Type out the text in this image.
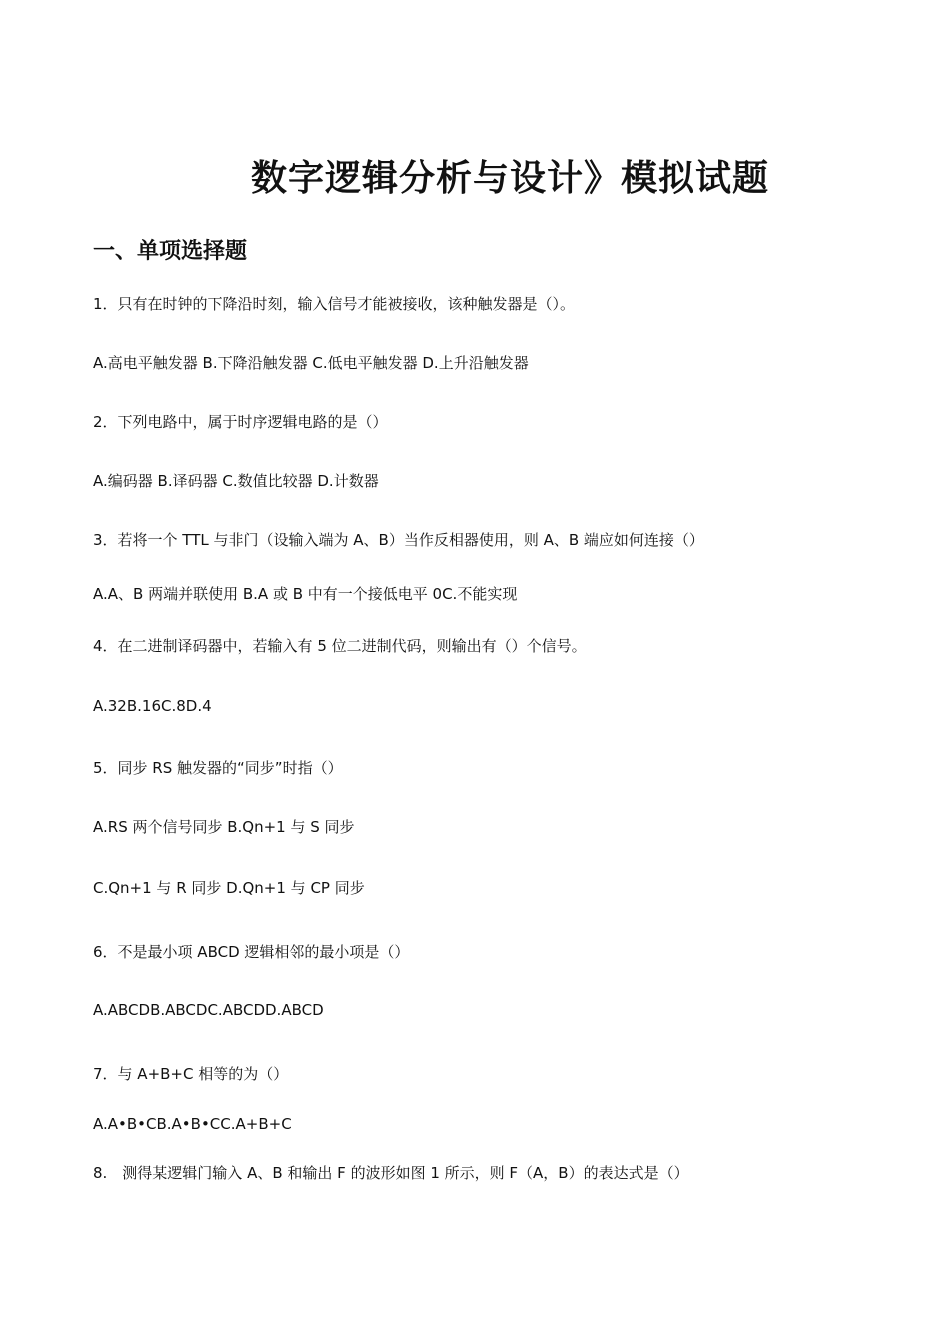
数字逻辑分析与设计》模拟试题
一、单项选择题
1．只有在时钟的下降沿时刻，输入信号才能被接收，该种触发器是（）。
A.高电平触发器 B.下降沿触发器 C.低电平触发器 D.上升沿触发器
2．下列电路中，属于时序逻辑电路的是（）
A.编码器 B.译码器 C.数值比较器 D.计数器
3．若将一个 TTL 与非门（设输入端为 A、B）当作反相器使用，则 A、B 端应如何连接（）
A.A、B 两端并联使用 B.A 或 B 中有一个接低电平 0C.不能实现
4．在二进制译码器中，若输入有 5 位二进制代码，则输出有（）个信号。
A.32B.16C.8D.4
5．同步 RS 触发器的“同步”时指（）
A.RS 两个信号同步 B.Qn+1 与 S 同步
C.Qn+1 与 R 同步 D.Qn+1 与 CP 同步
6．不是最小项 ABCD 逻辑相邻的最小项是（）
A.ABCDB.ABCDC.ABCDD.ABCD
7．与 A+B+C 相等的为（）
A.A•B•CB.A•B•CC.A+B+C
8.　测得某逻辑门输入 A、B 和输出 F 的波形如图 1 所示，则 F（A，B）的表达式是（）
